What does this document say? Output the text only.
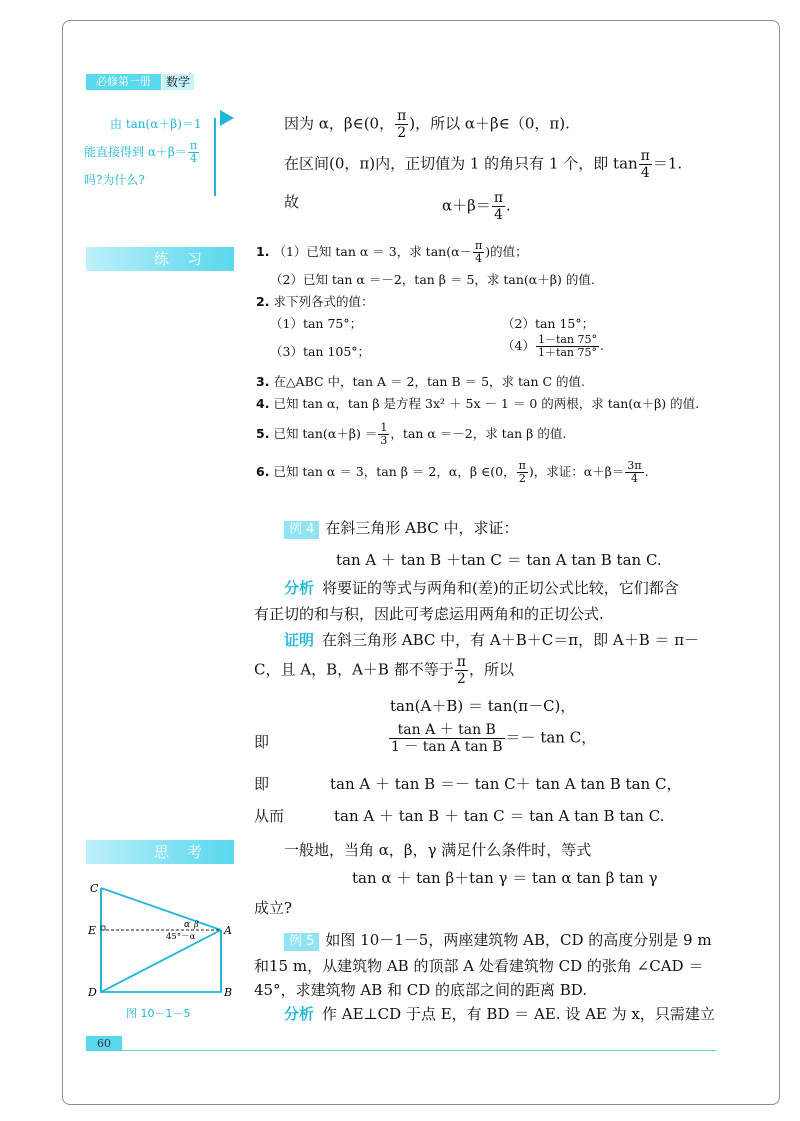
必修第一册	数学
由 tan(α＋β)＝1
能直接得到 $\alpha+\beta= \frac{\pi}{4}$
吗?为什么?
因为 α，β∈(0， $\frac{\pi}{2}$ )，所以 α＋β∈（0，π).
在区间(0，π)内，正切值为 1 的角只有 1 个，即 $\tan \frac{\pi}{4} =1$.
故	$\alpha+\beta= \frac{\pi}{4}$ .
练习	1. （1）已知 tan α ＝ 3，求 $\tan(\alpha- \frac{\pi}{4}$ )的值；
（2）已知 tan α ＝－2，tan β ＝ 5，求 tan(α＋β) 的值.
2. 求下列各式的值：
（1）tan 75°；	（2）tan 15°；
（3）tan 105°；	$(4) \frac{1-\tan 75^\circ}{1+\tan 75^\circ}$ .
3. 在△ABC 中，tan A ＝ 2，tan B ＝ 5，求 tan C 的值.
4. 已知 tan α，tan β 是方程 3x² ＋ 5x － 1 ＝ 0 的两根，求 tan(α＋β) 的值.
5. 已知 $\tan(\alpha+\beta) = \frac{1}{3}$ ，tan α ＝－2，求 tan β 的值.
6. 已知 tan α ＝ 3，tan β ＝ 2，α，β ∈(0， $\frac{\pi}{2}$ )，求证：$\alpha+\beta= \frac{3\pi}{4}$ .
例 4 在斜三角形 ABC 中，求证：
tan A ＋ tan B ＋tan C ＝ tan A tan B tan C.
分析 将要证的等式与两角和(差)的正切公式比较，它们都含
有正切的和与积，因此可考虑运用两角和的正切公式.
证明 在斜三角形 ABC 中，有 A＋B＋C＝π，即 A＋B ＝ π－
C，且 A，B，A＋B 都不等于 $\frac{\pi}{2}$ ，所以
tan(A＋B) ＝ tan(π－C)，
即	$\frac{\text{tan A ＋ tan B}}{\text{1 － tan A tan B}} =- \tan C$，
即	tan A ＋ tan B ＝－ tan C＋ tan A tan B tan C，
从而	tan A ＋ tan B ＋ tan C ＝ tan A tan B tan C.
思考	一般地，当角 α，β，γ 满足什么条件时，等式
tan α ＋ tan β＋tan γ ＝ tan α tan β tan γ
成立?
C
E
D
A
B
α β
45°－α
图 10－1－5
例 5 如图 10－1－5，两座建筑物 AB，CD 的高度分别是 9 m
和15 m，从建筑物 AB 的顶部 A 处看建筑物 CD 的张角 ∠CAD ＝
45°，求建筑物 AB 和 CD 的底部之间的距离 BD.
分析 作 AE⊥CD 于点 E，有 BD ＝ AE. 设 AE 为 x，只需建立
60
